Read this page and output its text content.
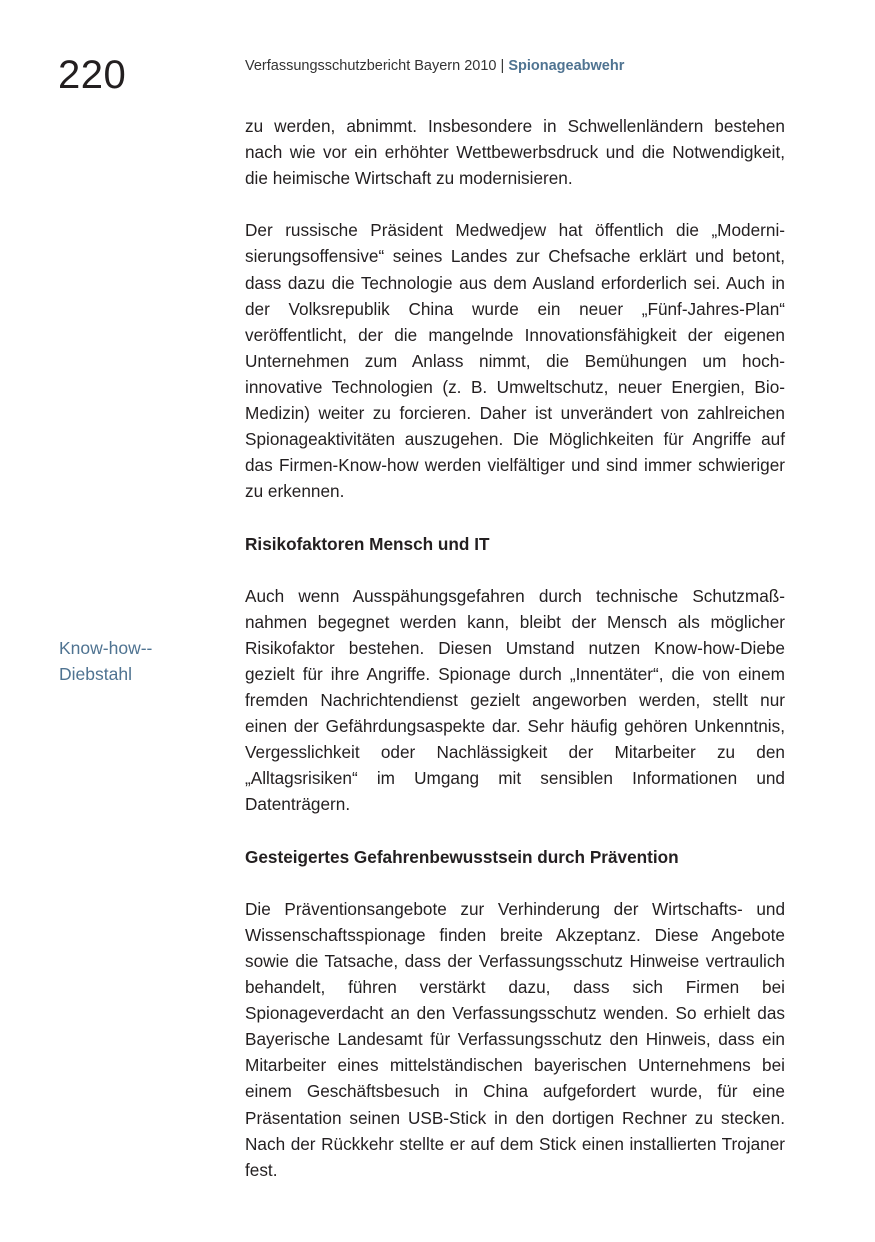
220	Verfassungsschutzbericht Bayern 2010 | Spionageabwehr
Know-how-Diebstahl

zu werden, abnimmt. Insbesondere in Schwellenländern bestehen nach wie vor ein erhöhter Wettbewerbsdruck und die Notwendigkeit, die heimische Wirtschaft zu modernisieren.

Der russische Präsident Medwedjew hat öffentlich die „Modernisierungsoffensive“ seines Landes zur Chefsache erklärt und betont, dass dazu die Technologie aus dem Ausland erforderlich sei. Auch in der Volksrepublik China wurde ein neuer „Fünf-Jahres-Plan“ veröffentlicht, der die mangelnde Innovationsfähigkeit der eigenen Unternehmen zum Anlass nimmt, die Bemühungen um hoch-innovative Technologien (z. B. Umweltschutz, neuer Energien, Bio-Medizin) weiter zu forcieren. Daher ist unverändert von zahlreichen Spionageaktivitäten auszugehen. Die Möglichkeiten für Angriffe auf das Firmen-Know-how werden vielfältiger und sind immer schwieriger zu erkennen.

Risikofaktoren Mensch und IT

Auch wenn Ausspähungsgefahren durch technische Schutzmaßnahmen begegnet werden kann, bleibt der Mensch als möglicher Risikofaktor bestehen. Diesen Umstand nutzen Know-how-Diebe gezielt für ihre Angriffe. Spionage durch „Innentäter“, die von einem fremden Nachrichtendienst gezielt angeworben werden, stellt nur einen der Gefährdungsaspekte dar. Sehr häufig gehören Unkenntnis, Vergesslichkeit oder Nachlässigkeit der Mitarbeiter zu den „Alltagsrisiken“ im Umgang mit sensiblen Informationen und Datenträgern.

Gesteigertes Gefahrenbewusstsein durch Prävention

Die Präventionsangebote zur Verhinderung der Wirtschafts- und Wissenschaftsspionage finden breite Akzeptanz. Diese Angebote sowie die Tatsache, dass der Verfassungsschutz Hinweise vertraulich behandelt, führen verstärkt dazu, dass sich Firmen bei Spionageverdacht an den Verfassungsschutz wenden. So erhielt das Bayerische Landesamt für Verfassungsschutz den Hinweis, dass ein Mitarbeiter eines mittelständischen bayerischen Unternehmens bei einem Geschäftsbesuch in China aufgefordert wurde, für eine Präsentation seinen USB-Stick in den dortigen Rechner zu stecken. Nach der Rückkehr stellte er auf dem Stick einen installierten Trojaner fest.
